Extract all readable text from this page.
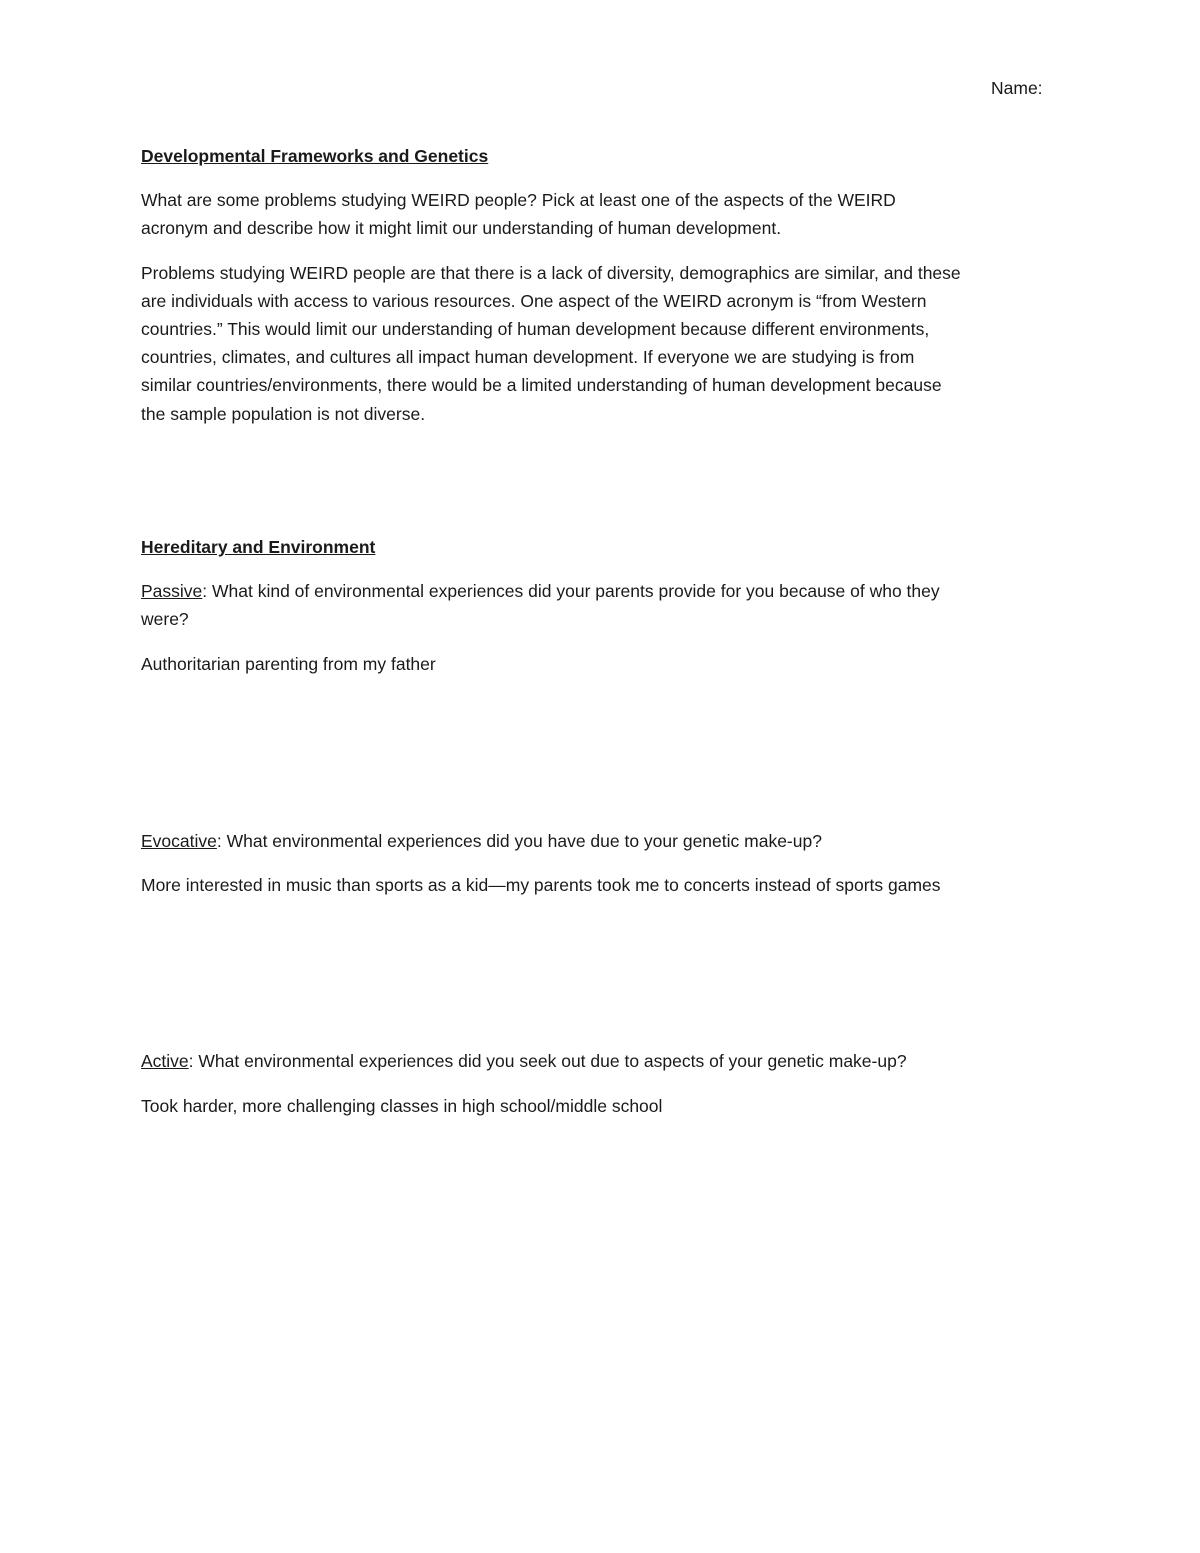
Name:

Developmental Frameworks and Genetics

What are some problems studying WEIRD people? Pick at least one of the aspects of the WEIRD

acronym and describe how it might limit our understanding of human development.

Problems studying WEIRD people are that there is a lack of diversity, demographics are similar, and these

are individuals with access to various resources. One aspect of the WEIRD acronym is “from Western

countries.” This would limit our understanding of human development because different environments,

countries, climates, and cultures all impact human development. If everyone we are studying is from

similar countries/environments, there would be a limited understanding of human development because

the sample population is not diverse.

Hereditary and Environment

Passive: What kind of environmental experiences did your parents provide for you because of who they

were?

Authoritarian parenting from my father

Evocative: What environmental experiences did you have due to your genetic make-up?

More interested in music than sports as a kid—my parents took me to concerts instead of sports games

Active: What environmental experiences did you seek out due to aspects of your genetic make-up?

Took harder, more challenging classes in high school/middle school
